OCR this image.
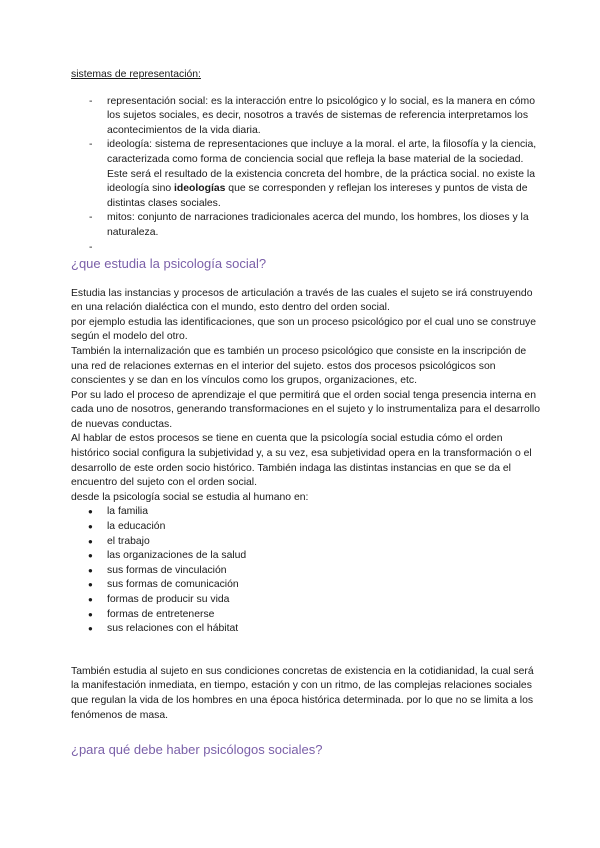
sistemas de representación:

- representación social: es la interacción entre lo psicológico y lo social, es la manera en cómo los sujetos sociales, es decir, nosotros a través de sistemas de referencia interpretamos los acontecimientos de la vida diaria.
- ideología: sistema de representaciones que incluye a la moral. el arte, la filosofía y la ciencia, caracterizada como forma de conciencia social que refleja la base material de la sociedad. Este será el resultado de la existencia concreta del hombre, de la práctica social. no existe la ideología sino ideologías que se corresponden y reflejan los intereses y puntos de vista de distintas clases sociales.
- mitos: conjunto de narraciones tradicionales acerca del mundo, los hombres, los dioses y la naturaleza.
-
¿que estudia la psicología social?

Estudia las instancias y procesos de articulación a través de las cuales el sujeto se irá construyendo en una relación dialéctica con el mundo, esto dentro del orden social.

por ejemplo estudia las identificaciones, que son un proceso psicológico por el cual uno se construye según el modelo del otro.

También la internalización que es también un proceso psicológico que consiste en la inscripción de una red de relaciones externas en el interior del sujeto. estos dos procesos psicológicos son conscientes y se dan en los vínculos como los grupos, organizaciones, etc.

Por su lado el proceso de aprendizaje el que permitirá que el orden social tenga presencia interna en cada uno de nosotros, generando transformaciones en el sujeto y lo instrumentaliza para el desarrollo de nuevas conductas.

Al hablar de estos procesos se tiene en cuenta que la psicología social estudia cómo el orden histórico social configura la subjetividad y, a su vez, esa subjetividad opera en la transformación o el desarrollo de este orden socio histórico. También indaga las distintas instancias en que se da el encuentro del sujeto con el orden social.

desde la psicología social se estudia al humano en:

● la familia
● la educación
● el trabajo
● las organizaciones de la salud
● sus formas de vinculación
● sus formas de comunicación
● formas de producir su vida
● formas de entretenerse
● sus relaciones con el hábitat

También estudia al sujeto en sus condiciones concretas de existencia en la cotidianidad, la cual será la manifestación inmediata, en tiempo, estación y con un ritmo, de las complejas relaciones sociales que regulan la vida de los hombres en una época histórica determinada. por lo que no se limita a los fenómenos de masa.

¿para qué debe haber psicólogos sociales?
